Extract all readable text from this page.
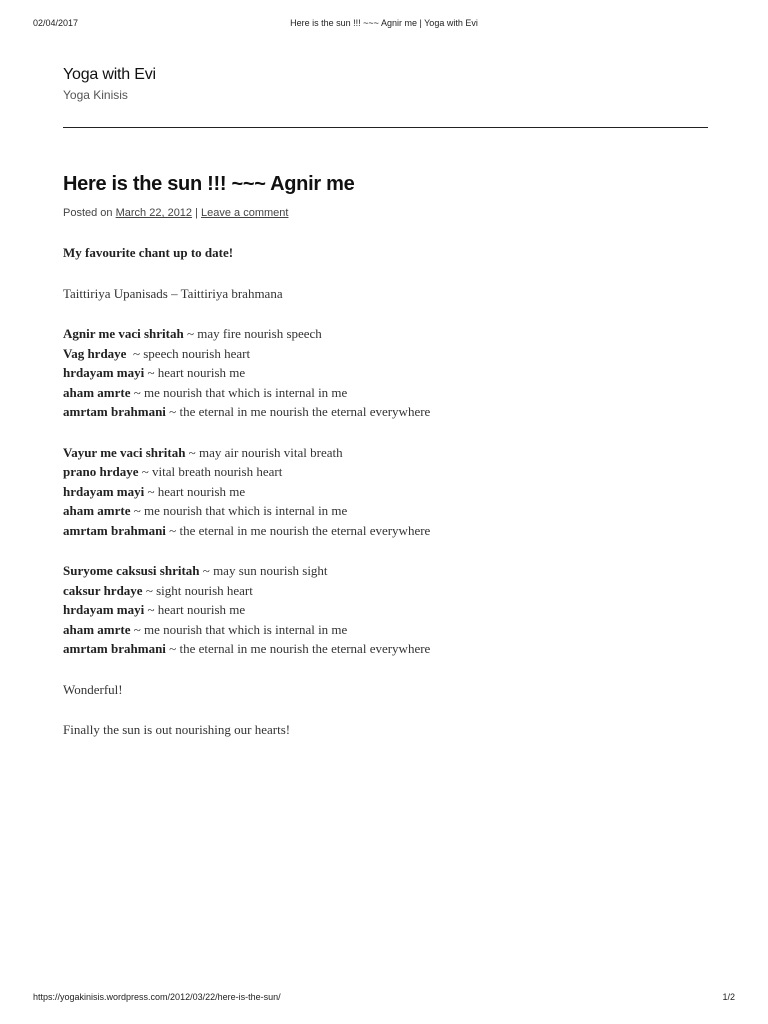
02/04/2017	Here is the sun !!! ~~~ Agnir me | Yoga with Evi
Yoga with Evi
Yoga Kinisis
Here is the sun !!! ~~~ Agnir me
Posted on March 22, 2012 | Leave a comment

My favourite chant up to date!

Taittiriya Upanisads – Taittiriya brahmana

Agnir me vaci shritah ~ may fire nourish speech
Vag hrdaye  ~ speech nourish heart
hrdayam mayi ~ heart nourish me
aham amrte ~ me nourish that which is internal in me
amrtam brahmani ~ the eternal in me nourish the eternal everywhere
Vayur me vaci shritah ~ may air nourish vital breath
prano hrdaye ~ vital breath nourish heart
hrdayam mayi ~ heart nourish me
aham amrte ~ me nourish that which is internal in me
amrtam brahmani ~ the eternal in me nourish the eternal everywhere
Suryome caksusi shritah ~ may sun nourish sight
caksur hrdaye ~ sight nourish heart
hrdayam mayi ~ heart nourish me
aham amrte ~ me nourish that which is internal in me
amrtam brahmani ~ the eternal in me nourish the eternal everywhere

Wonderful!

Finally the sun is out nourishing our hearts!

https://yogakinisis.wordpress.com/2012/03/22/here-is-the-sun/	1/2
